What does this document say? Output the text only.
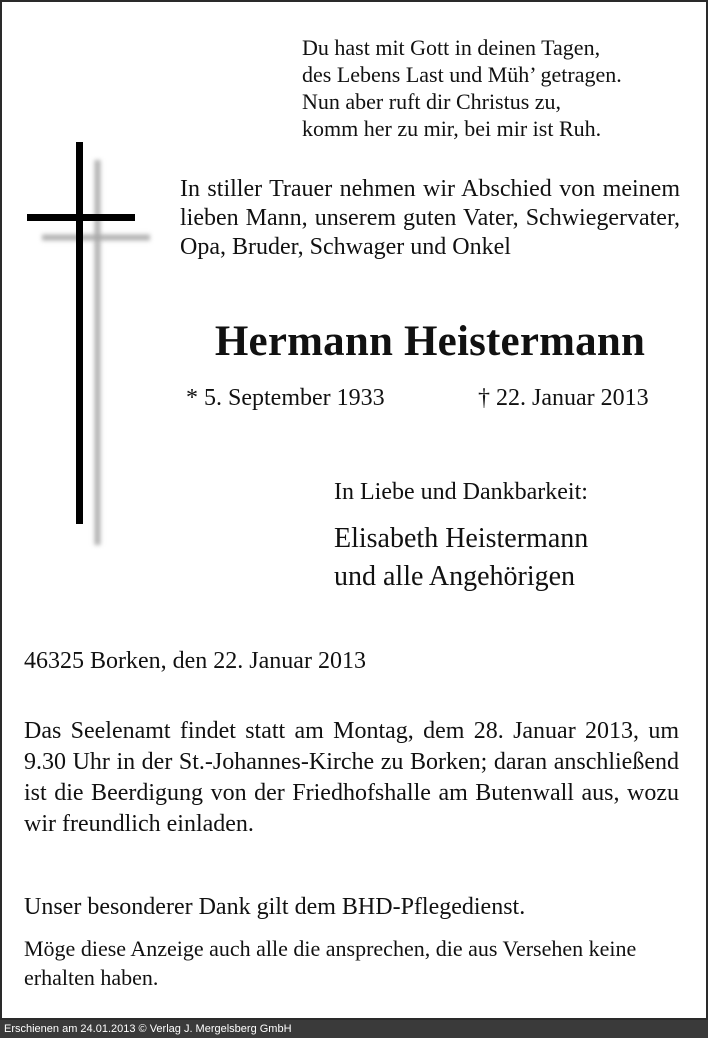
Du hast mit Gott in deinen Tagen,
des Lebens Last und Müh’ getragen.
Nun aber ruft dir Christus zu,
komm her zu mir, bei mir ist Ruh.
In stiller Trauer nehmen wir Abschied von meinem lieben Mann, unserem guten Vater, Schwiegervater, Opa, Bruder, Schwager und Onkel
Hermann Heistermann
* 5. September 1933	† 22. Januar 2013
In Liebe und Dankbarkeit:
Elisabeth Heistermann
und alle Angehörigen
46325 Borken, den 22. Januar 2013
Das Seelenamt findet statt am Montag, dem 28. Januar 2013, um 9.30 Uhr in der St.-Johannes-Kirche zu Borken; daran anschließend ist die Beerdigung von der Friedhofshalle am Butenwall aus, wozu wir freundlich einladen.
Unser besonderer Dank gilt dem BHD-Pflegedienst.
Möge diese Anzeige auch alle die ansprechen, die aus Versehen keine erhalten haben.
Erschienen am 24.01.2013 © Verlag J. Mergelsberg GmbH
